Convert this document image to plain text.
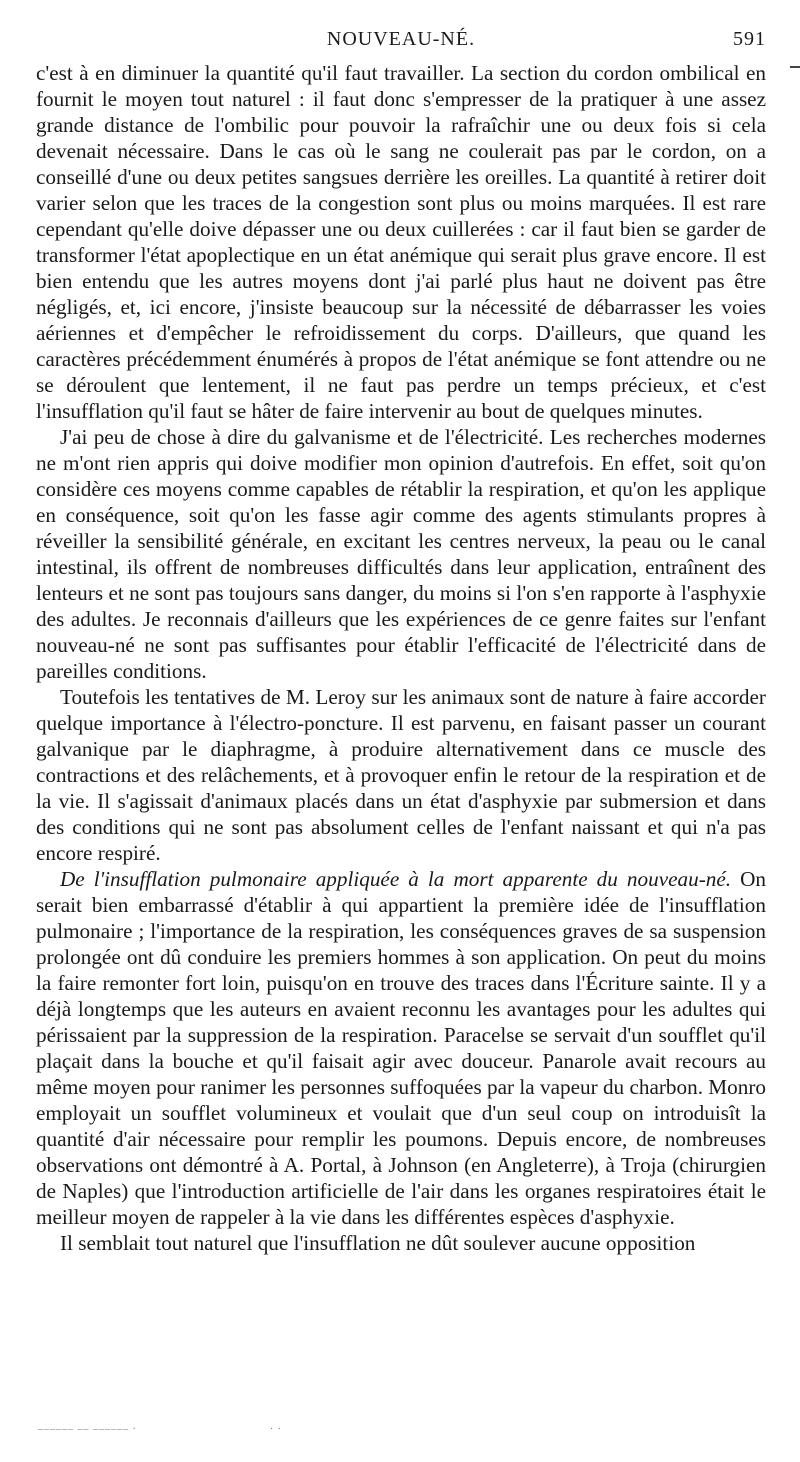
NOUVEAU-NÉ.	591

c'est à en diminuer la quantité qu'il faut travailler. La section du cordon ombilical en fournit le moyen tout naturel : il faut donc s'empresser de la pratiquer à une assez grande distance de l'ombilic pour pouvoir la rafraîchir une ou deux fois si cela devenait nécessaire. Dans le cas où le sang ne coulerait pas par le cordon, on a conseillé d'une ou deux petites sangsues derrière les oreilles. La quantité à retirer doit varier selon que les traces de la congestion sont plus ou moins marquées. Il est rare cependant qu'elle doive dépasser une ou deux cuillerées : car il faut bien se garder de transformer l'état apoplectique en un état anémique qui serait plus grave encore. Il est bien entendu que les autres moyens dont j'ai parlé plus haut ne doivent pas être négligés, et, ici encore, j'insiste beaucoup sur la nécessité de débarrasser les voies aériennes et d'empêcher le refroidissement du corps. D'ailleurs, que quand les caractères précédemment énumérés à propos de l'état anémique se font attendre ou ne se déroulent que lentement, il ne faut pas perdre un temps précieux, et c'est l'insufflation qu'il faut se hâter de faire intervenir au bout de quelques minutes.

J'ai peu de chose à dire du galvanisme et de l'électricité. Les recherches modernes ne m'ont rien appris qui doive modifier mon opinion d'autrefois. En effet, soit qu'on considère ces moyens comme capables de rétablir la respiration, et qu'on les applique en conséquence, soit qu'on les fasse agir comme des agents stimulants propres à réveiller la sensibilité générale, en excitant les centres nerveux, la peau ou le canal intestinal, ils offrent de nombreuses difficultés dans leur application, entraînent des lenteurs et ne sont pas toujours sans danger, du moins si l'on s'en rapporte à l'asphyxie des adultes. Je reconnais d'ailleurs que les expériences de ce genre faites sur l'enfant nouveau-né ne sont pas suffisantes pour établir l'efficacité de l'électricité dans de pareilles conditions.

Toutefois les tentatives de M. Leroy sur les animaux sont de nature à faire accorder quelque importance à l'électro-poncture. Il est parvenu, en faisant passer un courant galvanique par le diaphragme, à produire alternativement dans ce muscle des contractions et des relâchements, et à provoquer enfin le retour de la respiration et de la vie. Il s'agissait d'animaux placés dans un état d'asphyxie par submersion et dans des conditions qui ne sont pas absolument celles de l'enfant naissant et qui n'a pas encore respiré.

De l'insufflation pulmonaire appliquée à la mort apparente du nouveau-né. On serait bien embarrassé d'établir à qui appartient la première idée de l'insufflation pulmonaire ; l'importance de la respiration, les conséquences graves de sa suspension prolongée ont dû conduire les premiers hommes à son application. On peut du moins la faire remonter fort loin, puisqu'on en trouve des traces dans l'Écriture sainte. Il y a déjà longtemps que les auteurs en avaient reconnu les avantages pour les adultes qui périssaient par la suppression de la respiration. Paracelse se servait d'un soufflet qu'il plaçait dans la bouche et qu'il faisait agir avec douceur. Panarole avait recours au même moyen pour ranimer les personnes suffoquées par la vapeur du charbon. Monro employait un soufflet volumineux et voulait que d'un seul coup on introduisît la quantité d'air nécessaire pour remplir les poumons. Depuis encore, de nombreuses observations ont démontré à A. Portal, à Johnson (en Angleterre), à Troja (chirurgien de Naples) que l'introduction artificielle de l'air dans les organes respiratoires était le meilleur moyen de rappeler à la vie dans les différentes espèces d'asphyxie.

Il semblait tout naturel que l'insufflation ne dût soulever aucune opposition

–––––– –– –––––– ·                                      · ·
